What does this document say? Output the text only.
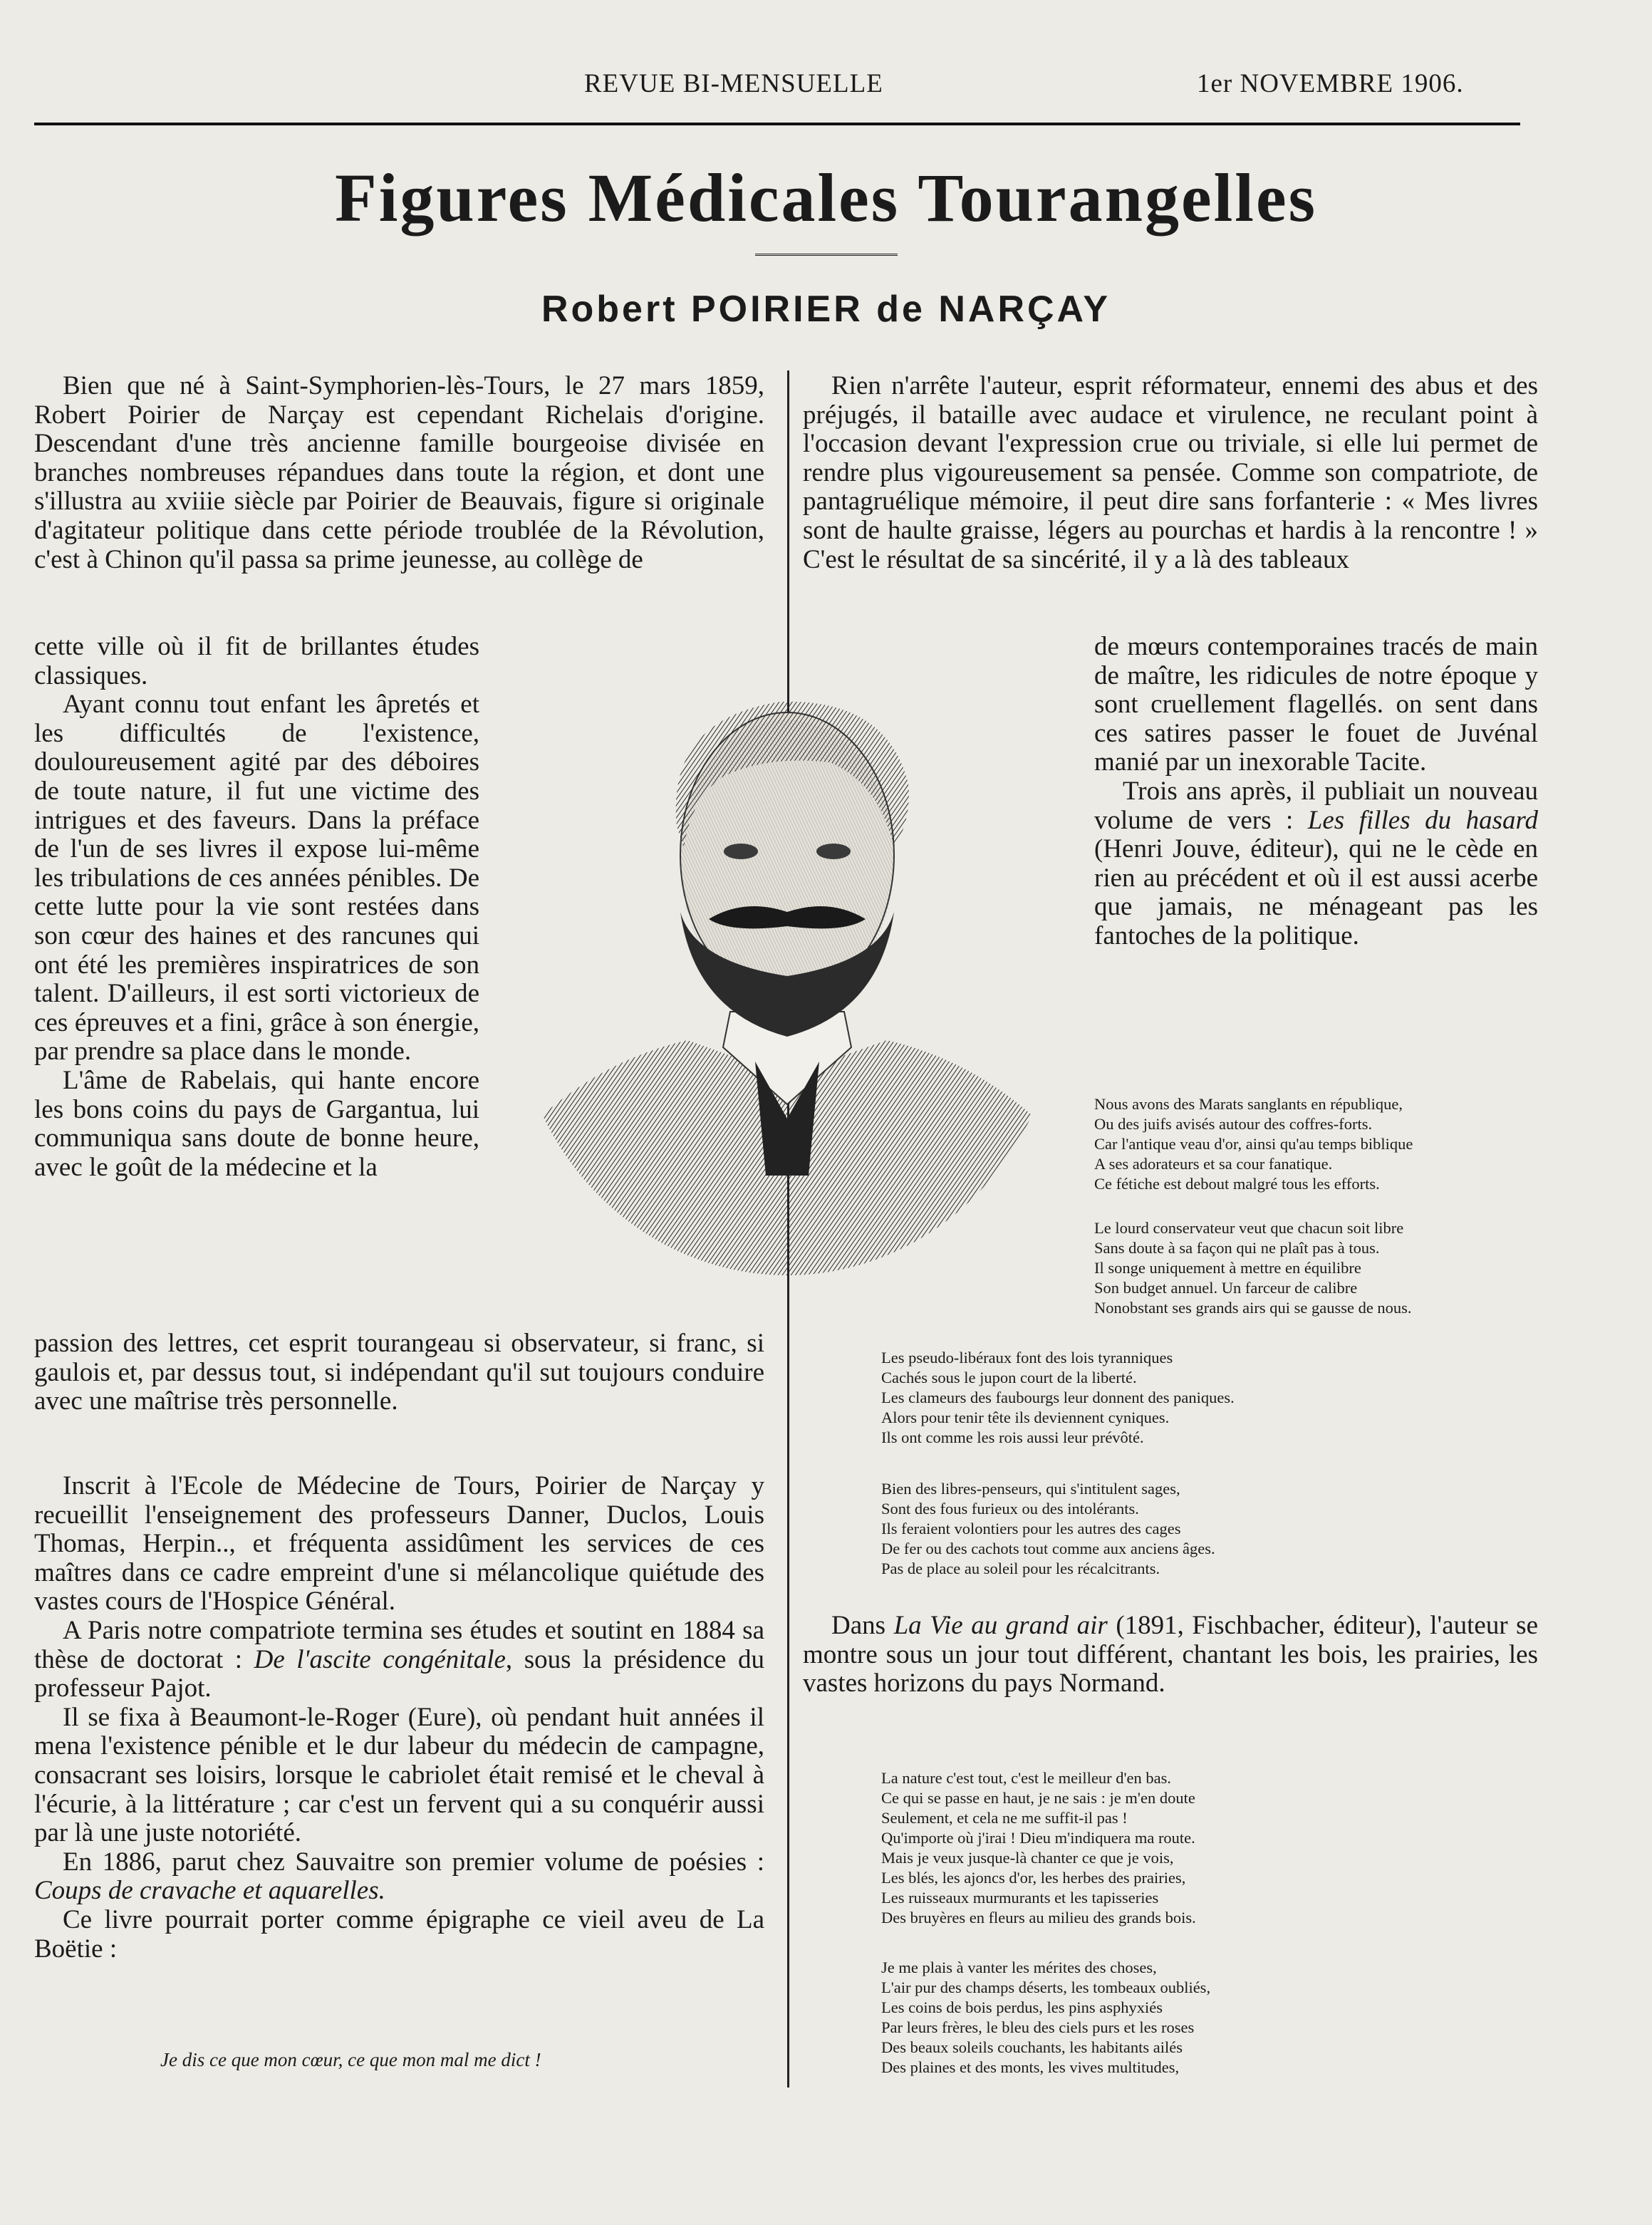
REVUE BI-MENSUELLE	1er NOVEMBRE 1906.
Figures Médicales Tourangelles
Robert POIRIER de NARÇAY

Bien que né à Saint-Symphorien-lès-Tours, le 27 mars 1859, Robert Poirier de Narçay est cependant Richelais d'origine. Descendant d'une très ancienne famille bourgeoise divisée en branches nombreuses répandues dans toute la région, et dont une s'illustra au xviiie siècle par Poirier de Beauvais, figure si originale d'agitateur politique dans cette période troublée de la Révolution, c'est à Chinon qu'il passa sa prime jeunesse, au collège de

cette ville où il fit de brillantes études classiques.

Ayant connu tout enfant les âpretés et les difficultés de l'existence, douloureusement agité par des déboires de toute nature, il fut une victime des intrigues et des faveurs. Dans la préface de l'un de ses livres il expose lui-même les tribulations de ces années pénibles. De cette lutte pour la vie sont restées dans son cœur des haines et des rancunes qui ont été les premières inspiratrices de son talent. D'ailleurs, il est sorti victorieux de ces épreuves et a fini, grâce à son énergie, par prendre sa place dans le monde.

L'âme de Rabelais, qui hante encore les bons coins du pays de Gargantua, lui communiqua sans doute de bonne heure, avec le goût de la médecine et la

passion des lettres, cet esprit tourangeau si observateur, si franc, si gaulois et, par dessus tout, si indépendant qu'il sut toujours conduire avec une maîtrise très personnelle.

Inscrit à l'Ecole de Médecine de Tours, Poirier de Narçay y recueillit l'enseignement des professeurs Danner, Duclos, Louis Thomas, Herpin.., et fréquenta assidûment les services de ces maîtres dans ce cadre empreint d'une si mélancolique quiétude des vastes cours de l'Hospice Général.

A Paris notre compatriote termina ses études et soutint en 1884 sa thèse de doctorat : De l'ascite congénitale, sous la présidence du professeur Pajot.

Il se fixa à Beaumont-le-Roger (Eure), où pendant huit années il mena l'existence pénible et le dur labeur du médecin de campagne, consacrant ses loisirs, lorsque le cabriolet était remisé et le cheval à l'écurie, à la littérature ; car c'est un fervent qui a su conquérir aussi par là une juste notoriété.

En 1886, parut chez Sauvaitre son premier volume de poésies : Coups de cravache et aquarelles.

Ce livre pourrait porter comme épigraphe ce vieil aveu de La Boëtie :

Je dis ce que mon cœur, ce que mon mal me dict !

Rien n'arrête l'auteur, esprit réformateur, ennemi des abus et des préjugés, il bataille avec audace et virulence, ne reculant point à l'occasion devant l'expression crue ou triviale, si elle lui permet de rendre plus vigoureusement sa pensée. Comme son compatriote, de pantagruélique mémoire, il peut dire sans forfanterie : « Mes livres sont de haulte graisse, légers au pourchas et hardis à la rencontre ! » C'est le résultat de sa sincérité, il y a là des tableaux

de mœurs contemporaines tracés de main de maître, les ridicules de notre époque y sont cruellement flagellés. on sent dans ces satires passer le fouet de Juvénal manié par un inexorable Tacite.

Trois ans après, il publiait un nouveau volume de vers : Les filles du hasard (Henri Jouve, éditeur), qui ne le cède en rien au précédent et où il est aussi acerbe que jamais, ne ménageant pas les fantoches de la politique.

Nous avons des Marats sanglants en république,

Ou des juifs avisés autour des coffres-forts.

Car l'antique veau d'or, ainsi qu'au temps biblique

A ses adorateurs et sa cour fanatique.

Ce fétiche est debout malgré tous les efforts.

Le lourd conservateur veut que chacun soit libre

Sans doute à sa façon qui ne plaît pas à tous.

Il songe uniquement à mettre en équilibre

Son budget annuel. Un farceur de calibre

Nonobstant ses grands airs qui se gausse de nous.

Les pseudo-libéraux font des lois tyranniques

Cachés sous le jupon court de la liberté.

Les clameurs des faubourgs leur donnent des paniques.

Alors pour tenir tête ils deviennent cyniques.

Ils ont comme les rois aussi leur prévôté.

Bien des libres-penseurs, qui s'intitulent sages,

Sont des fous furieux ou des intolérants.

Ils feraient volontiers pour les autres des cages

De fer ou des cachots tout comme aux anciens âges.

Pas de place au soleil pour les récalcitrants.

Dans La Vie au grand air (1891, Fischbacher, éditeur), l'auteur se montre sous un jour tout différent, chantant les bois, les prairies, les vastes horizons du pays Normand.

La nature c'est tout, c'est le meilleur d'en bas.

Ce qui se passe en haut, je ne sais : je m'en doute

Seulement, et cela ne me suffit-il pas !

Qu'importe où j'irai ! Dieu m'indiquera ma route.

Mais je veux jusque-là chanter ce que je vois,

Les blés, les ajoncs d'or, les herbes des prairies,

Les ruisseaux murmurants et les tapisseries

Des bruyères en fleurs au milieu des grands bois.

Je me plais à vanter les mérites des choses,

L'air pur des champs déserts, les tombeaux oubliés,

Les coins de bois perdus, les pins asphyxiés

Par leurs frères, le bleu des ciels purs et les roses

Des beaux soleils couchants, les habitants ailés

Des plaines et des monts, les vives multitudes,
